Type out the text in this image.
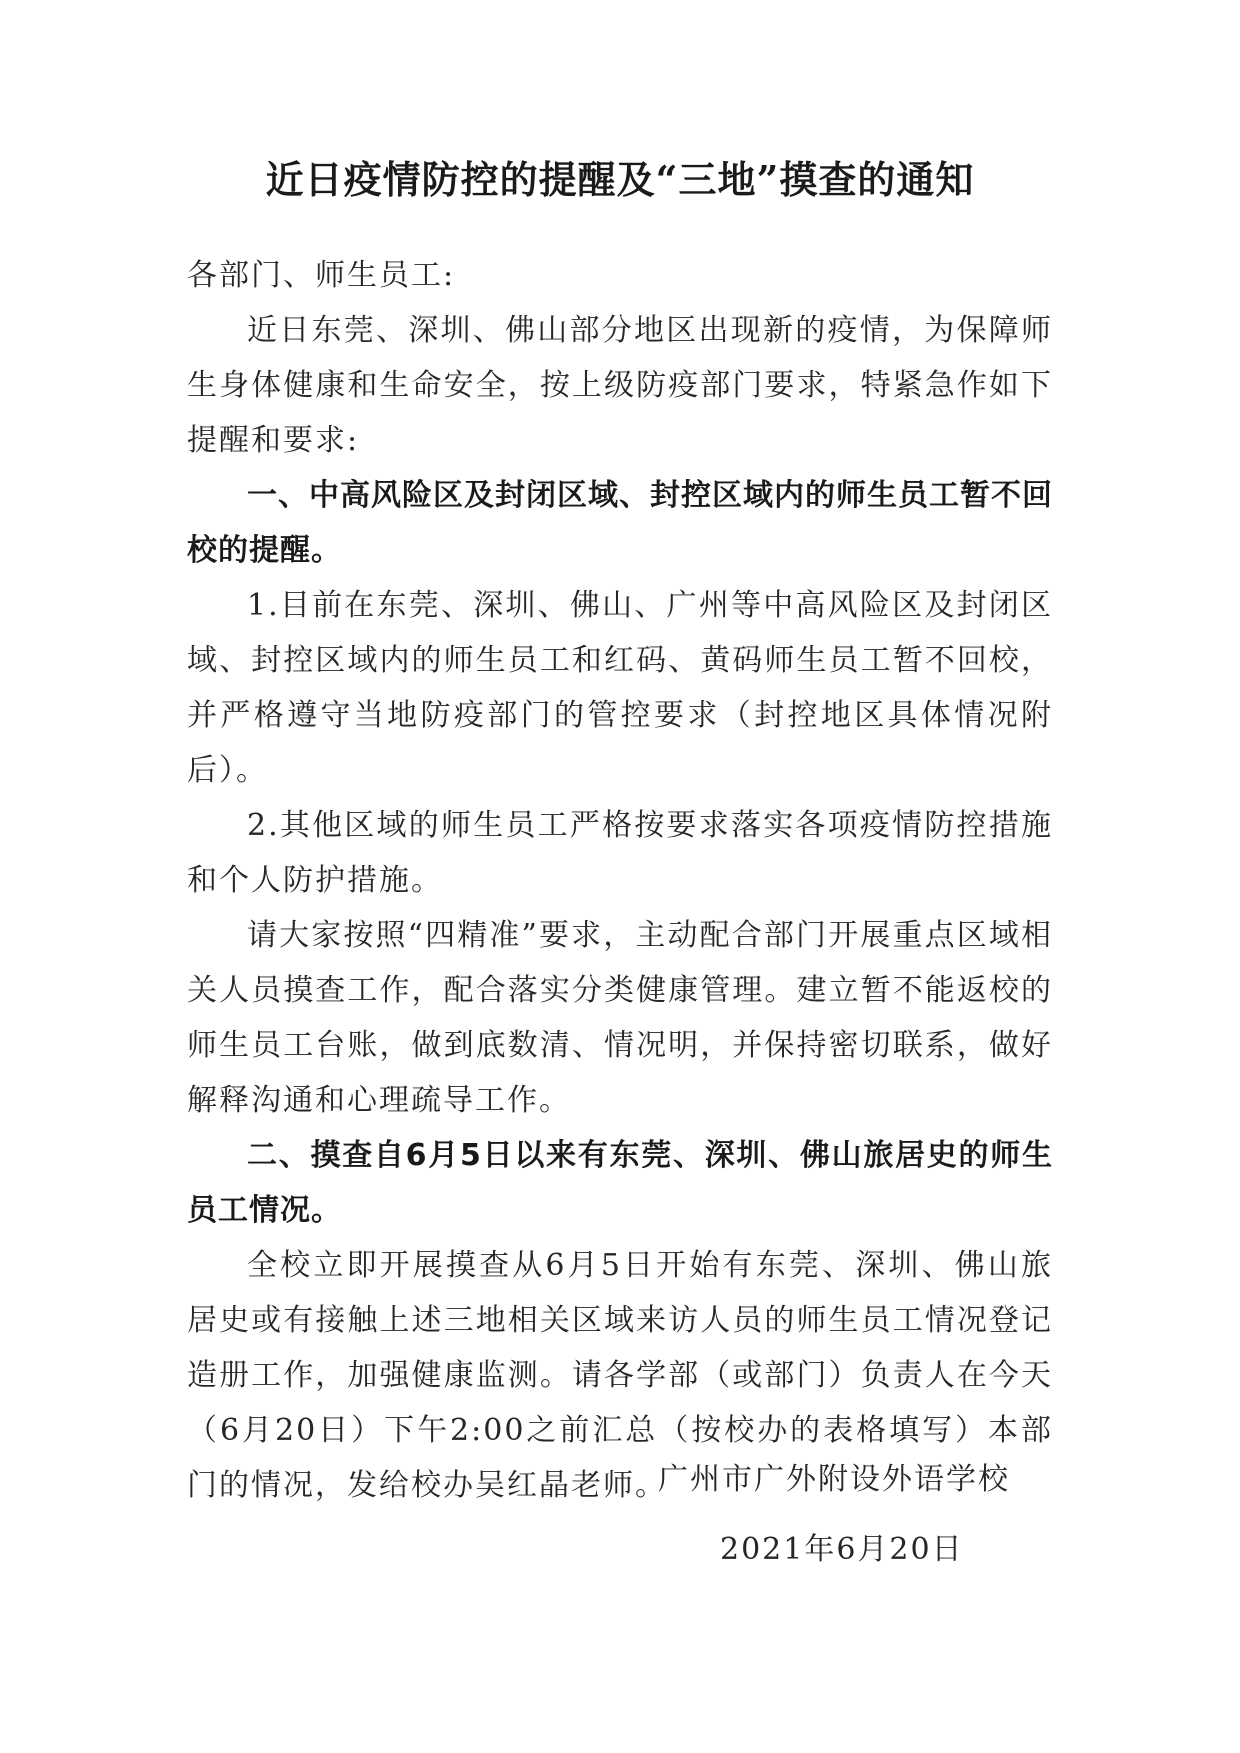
近日疫情防控的提醒及“三地”摸查的通知

各部门、师生员工:

近日东莞、深圳、佛山部分地区出现新的疫情，为保障师生身体健康和生命安全，按上级防疫部门要求，特紧急作如下提醒和要求:

一、中高风险区及封闭区域、封控区域内的师生员工暂不回校的提醒。

1.目前在东莞、深圳、佛山、广州等中高风险区及封闭区域、封控区域内的师生员工和红码、黄码师生员工暂不回校，并严格遵守当地防疫部门的管控要求（封控地区具体情况附后）。

2.其他区域的师生员工严格按要求落实各项疫情防控措施和个人防护措施。

请大家按照“四精准”要求，主动配合部门开展重点区域相关人员摸查工作，配合落实分类健康管理。建立暂不能返校的师生员工台账，做到底数清、情况明，并保持密切联系，做好解释沟通和心理疏导工作。

二、摸查自6月5日以来有东莞、深圳、佛山旅居史的师生员工情况。

全校立即开展摸查从6月5日开始有东莞、深圳、佛山旅居史或有接触上述三地相关区域来访人员的师生员工情况登记造册工作，加强健康监测。请各学部（或部门）负责人在今天（6月20日）下午2:00之前汇总（按校办的表格填写）本部门的情况，发给校办吴红晶老师。

广州市广外附设外语学校
2021年6月20日
